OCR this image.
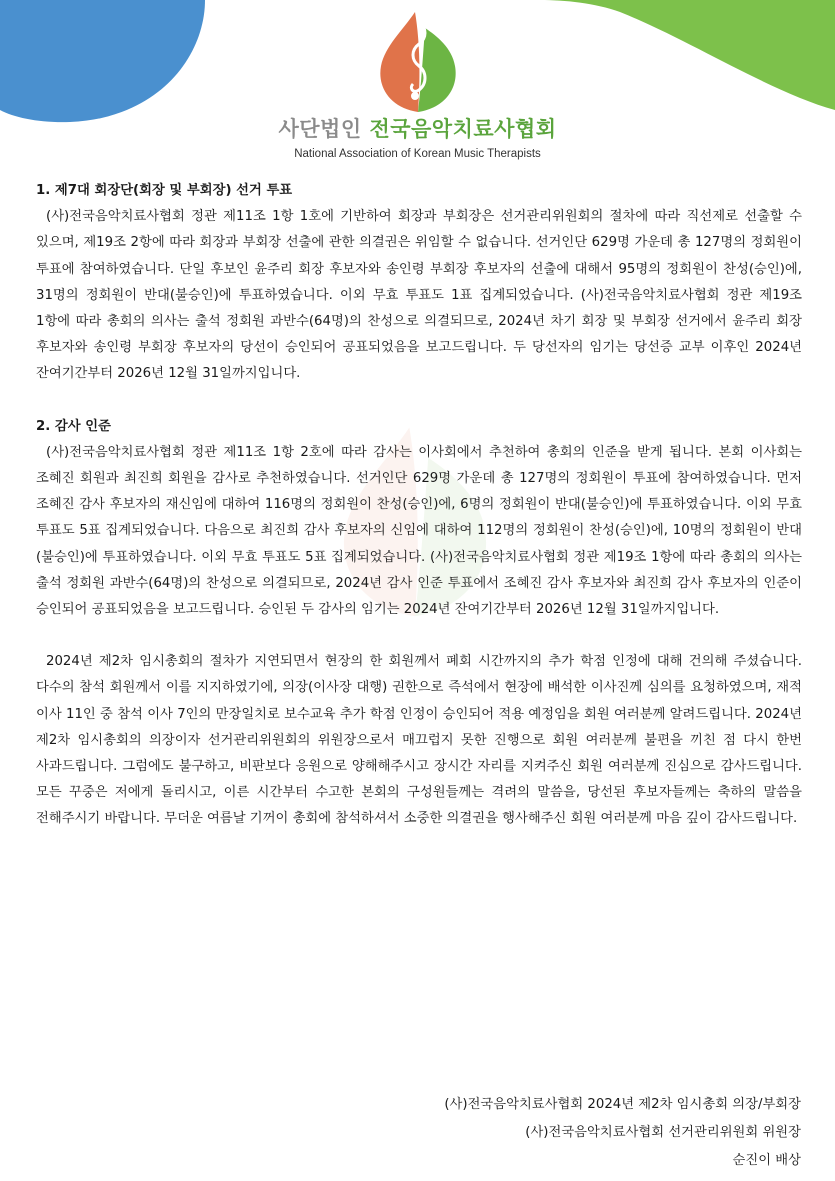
사단법인 전국음악치료사협회
National Association of Korean Music Therapists

1. 제7대 회장단(회장 및 부회장) 선거 투표

(사)전국음악치료사협회 정관 제11조 1항 1호에 기반하여 회장과 부회장은 선거관리위원회의 절차에 따라 직선제로 선출할 수 있으며, 제19조 2항에 따라 회장과 부회장 선출에 관한 의결권은 위임할 수 없습니다. 선거인단 629명 가운데 총 127명의 정회원이 투표에 참여하였습니다. 단일 후보인 윤주리 회장 후보자와 송인령 부회장 후보자의 선출에 대해서 95명의 정회원이 찬성(승인)에, 31명의 정회원이 반대(불승인)에 투표하였습니다. 이외 무효 투표도 1표 집계되었습니다. (사)전국음악치료사협회 정관 제19조 1항에 따라 총회의 의사는 출석 정회원 과반수(64명)의 찬성으로 의결되므로, 2024년 차기 회장 및 부회장 선거에서 윤주리 회장 후보자와 송인령 부회장 후보자의 당선이 승인되어 공표되었음을 보고드립니다. 두 당선자의 임기는 당선증 교부 이후인 2024년 잔여기간부터 2026년 12월 31일까지입니다.

2. 감사 인준

(사)전국음악치료사협회 정관 제11조 1항 2호에 따라 감사는 이사회에서 추천하여 총회의 인준을 받게 됩니다. 본회 이사회는 조혜진 회원과 최진희 회원을 감사로 추천하였습니다. 선거인단 629명 가운데 총 127명의 정회원이 투표에 참여하였습니다. 먼저 조혜진 감사 후보자의 재신임에 대하여 116명의 정회원이 찬성(승인)에, 6명의 정회원이 반대(불승인)에 투표하였습니다. 이외 무효 투표도 5표 집계되었습니다. 다음으로 최진희 감사 후보자의 신임에 대하여 112명의 정회원이 찬성(승인)에, 10명의 정회원이 반대(불승인)에 투표하였습니다. 이외 무효 투표도 5표 집계되었습니다. (사)전국음악치료사협회 정관 제19조 1항에 따라 총회의 의사는 출석 정회원 과반수(64명)의 찬성으로 의결되므로, 2024년 감사 인준 투표에서 조혜진 감사 후보자와 최진희 감사 후보자의 인준이 승인되어 공표되었음을 보고드립니다. 승인된 두 감사의 임기는 2024년 잔여기간부터 2026년 12월 31일까지입니다.

2024년 제2차 임시총회의 절차가 지연되면서 현장의 한 회원께서 폐회 시간까지의 추가 학점 인정에 대해 건의해 주셨습니다. 다수의 참석 회원께서 이를 지지하였기에, 의장(이사장 대행) 권한으로 즉석에서 현장에 배석한 이사진께 심의를 요청하였으며, 재적 이사 11인 중 참석 이사 7인의 만장일치로 보수교육 추가 학점 인정이 승인되어 적용 예정임을 회원 여러분께 알려드립니다. 2024년 제2차 임시총회의 의장이자 선거관리위원회의 위원장으로서 매끄럽지 못한 진행으로 회원 여러분께 불편을 끼친 점 다시 한번 사과드립니다. 그럼에도 불구하고, 비판보다 응원으로 양해해주시고 장시간 자리를 지켜주신 회원 여러분께 진심으로 감사드립니다. 모든 꾸중은 저에게 돌리시고, 이른 시간부터 수고한 본회의 구성원들께는 격려의 말씀을, 당선된 후보자들께는 축하의 말씀을 전해주시기 바랍니다. 무더운 여름날 기꺼이 총회에 참석하셔서 소중한 의결권을 행사해주신 회원 여러분께 마음 깊이 감사드립니다.

(사)전국음악치료사협회 2024년 제2차 임시총회 의장/부회장
(사)전국음악치료사협회 선거관리위원회 위원장
순진이 배상
